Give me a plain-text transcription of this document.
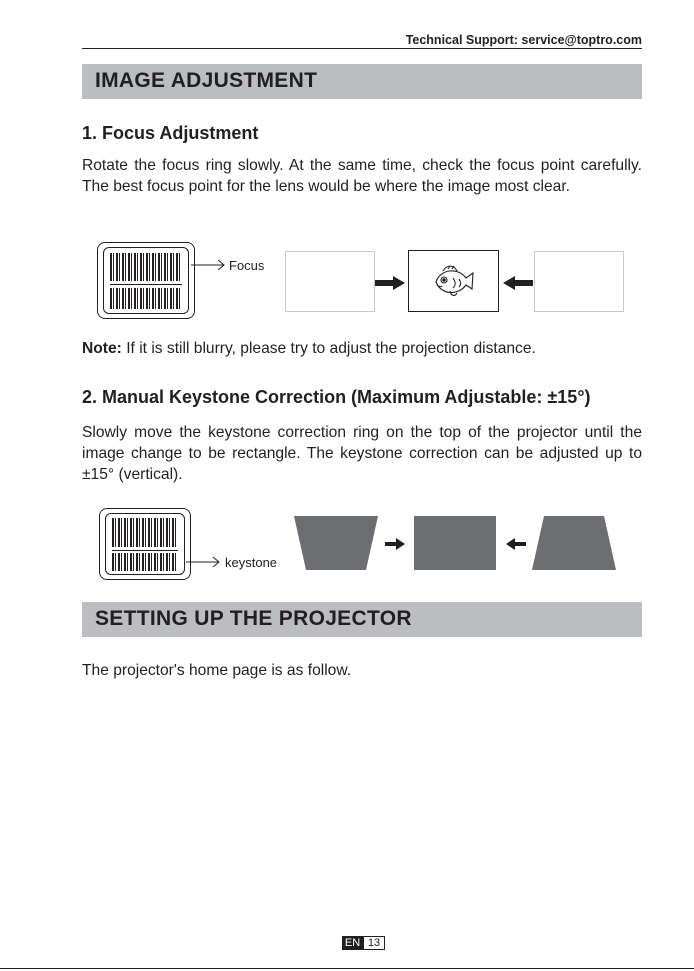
Technical Support: service@toptro.com
IMAGE ADJUSTMENT
1. Focus Adjustment
Rotate the focus ring slowly. At the same time, check the focus point carefully. The best focus point for the lens would be where the image most clear.
Focus
Note: If it is still blurry, please try to adjust the projection distance.
2. Manual Keystone Correction (Maximum Adjustable: ±15°)
Slowly move the keystone correction ring on the top of the projector until the image change to be rectangle. The keystone correction can be adjusted up to ±15° (vertical).
keystone
SETTING UP THE PROJECTOR
The projector's home page is as follow.
EN 13
